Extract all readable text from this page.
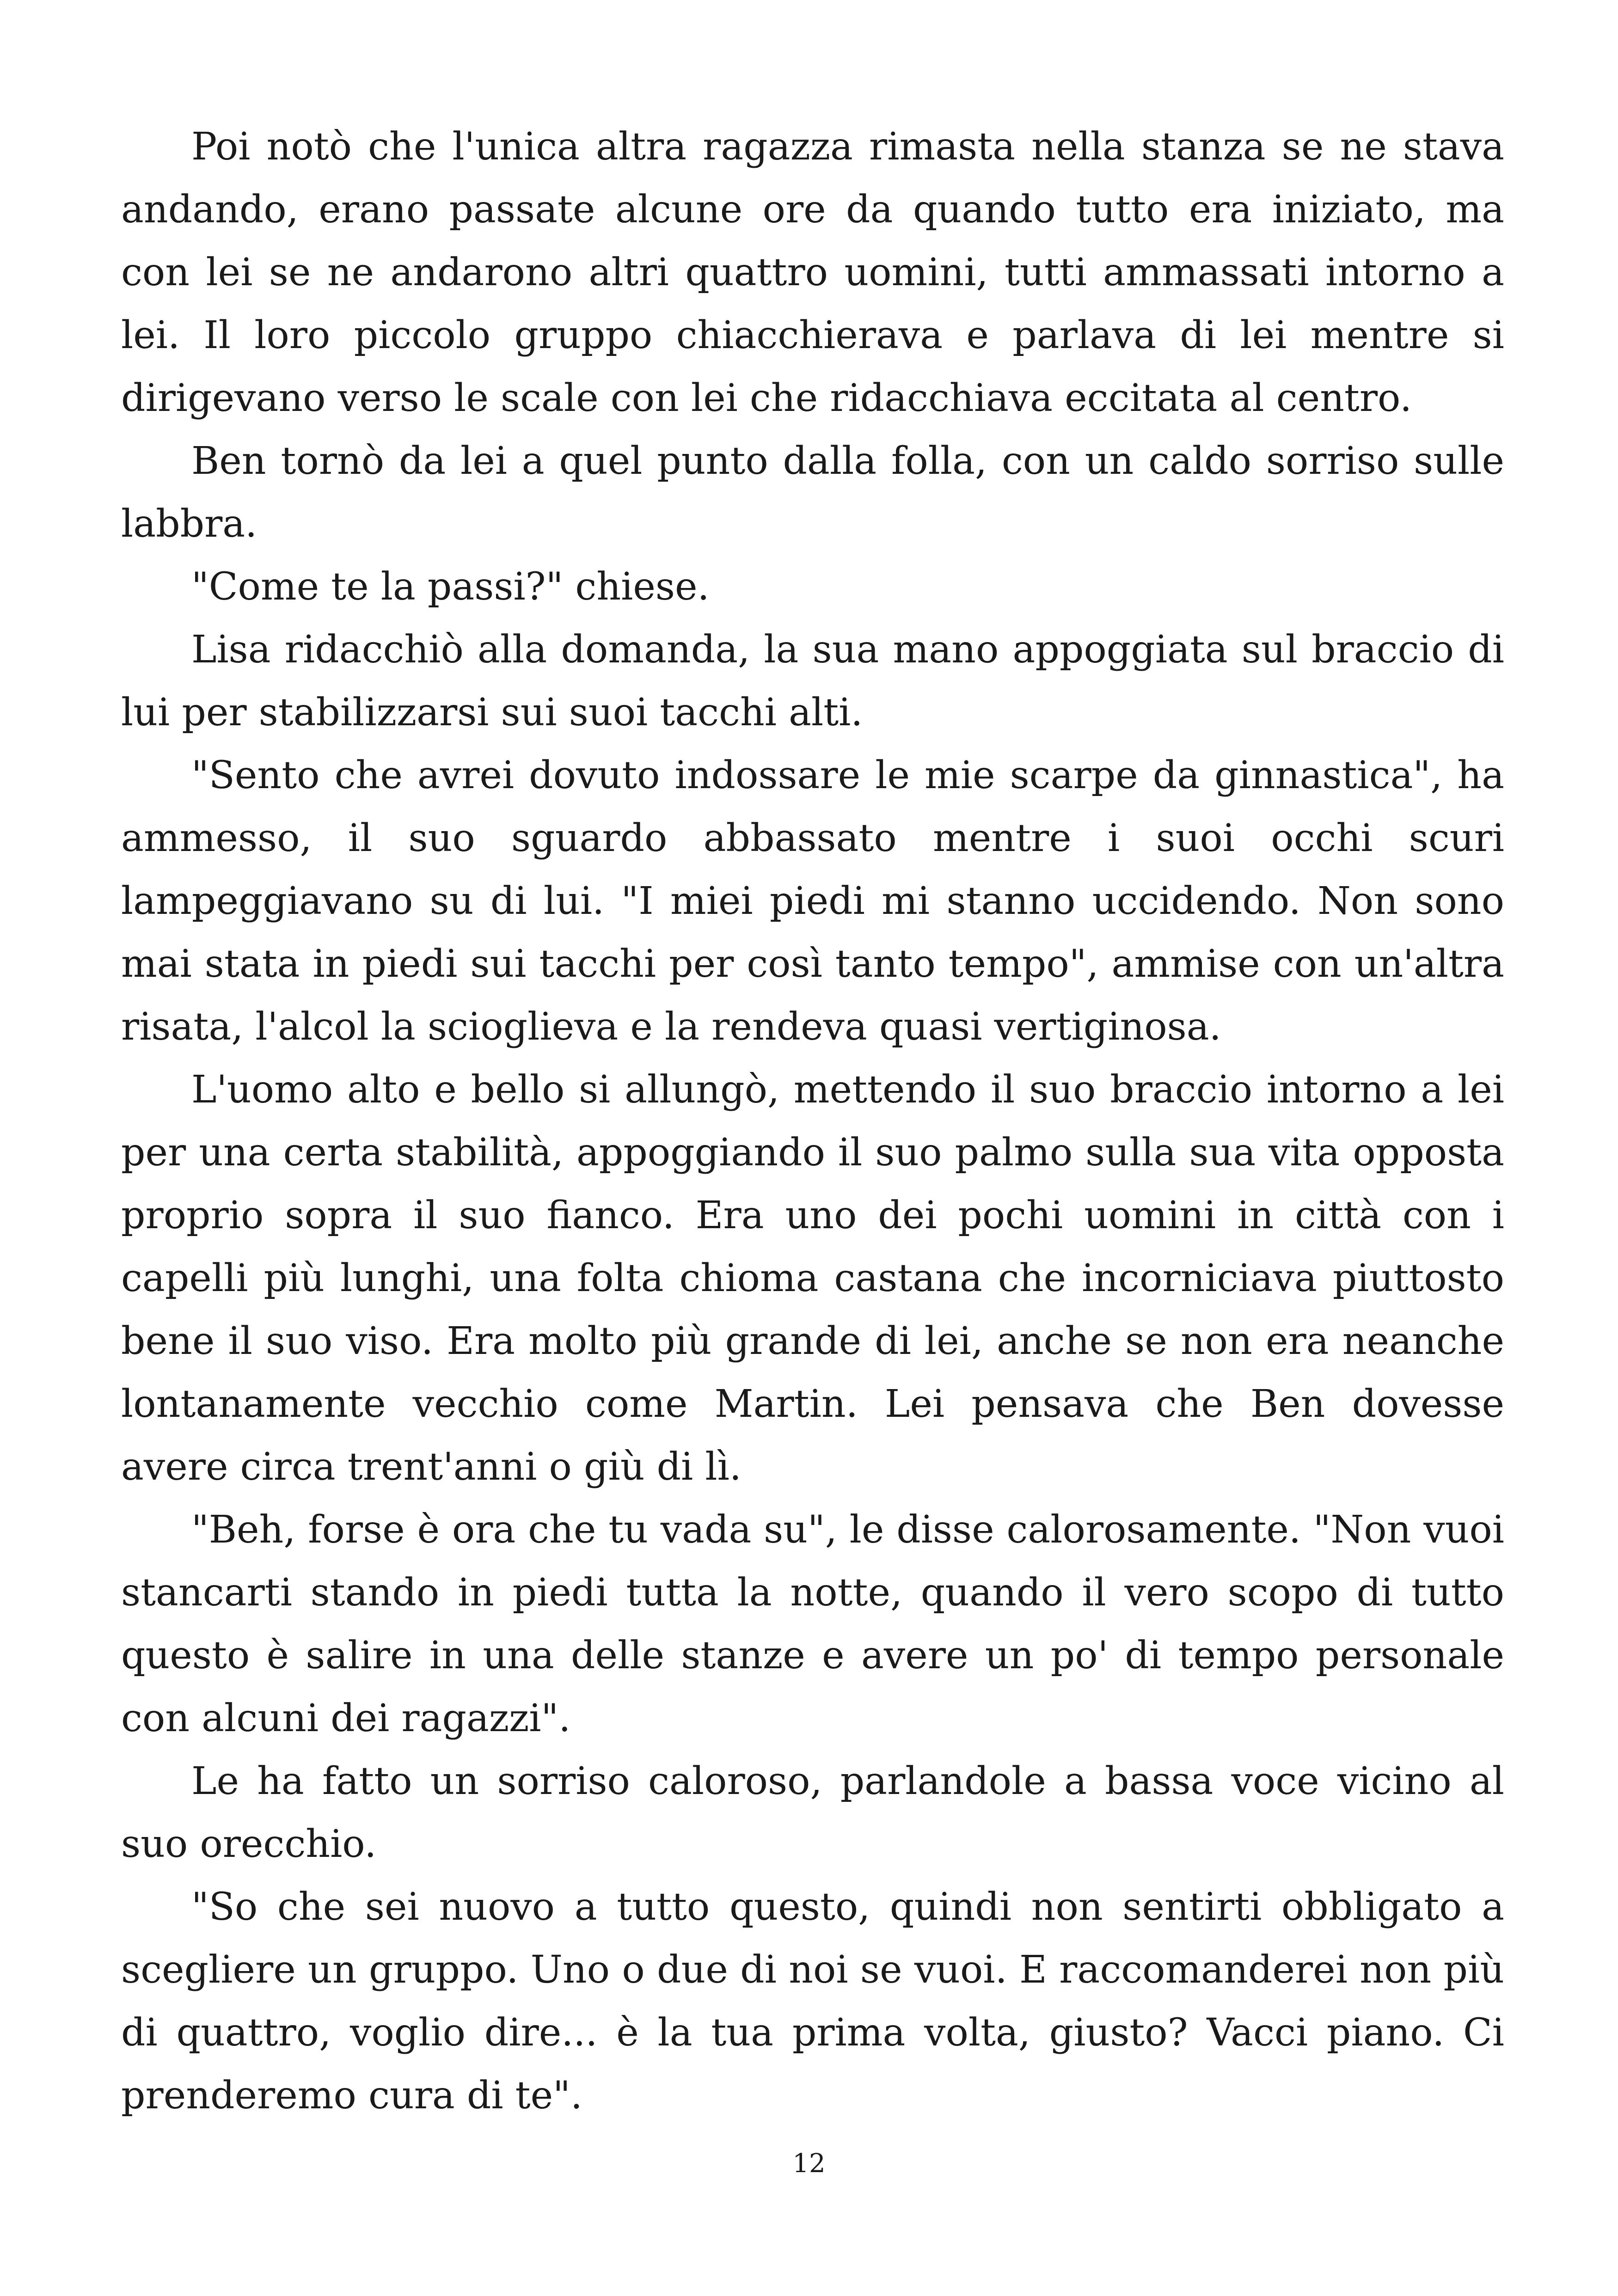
Poi notò che l'unica altra ragazza rimasta nella stanza se ne stava andando, erano passate alcune ore da quando tutto era iniziato, ma con lei se ne andarono altri quattro uomini, tutti ammassati intorno a lei. Il loro piccolo gruppo chiacchierava e parlava di lei mentre si dirigevano verso le scale con lei che ridacchiava eccitata al centro.

Ben tornò da lei a quel punto dalla folla, con un caldo sorriso sulle labbra.

"Come te la passi?" chiese.

Lisa ridacchiò alla domanda, la sua mano appoggiata sul braccio di lui per stabilizzarsi sui suoi tacchi alti.

"Sento che avrei dovuto indossare le mie scarpe da ginnastica", ha ammesso, il suo sguardo abbassato mentre i suoi occhi scuri lampeggiavano su di lui. "I miei piedi mi stanno uccidendo. Non sono mai stata in piedi sui tacchi per così tanto tempo", ammise con un'altra risata, l'alcol la scioglieva e la rendeva quasi vertiginosa.

L'uomo alto e bello si allungò, mettendo il suo braccio intorno a lei per una certa stabilità, appoggiando il suo palmo sulla sua vita opposta proprio sopra il suo fianco. Era uno dei pochi uomini in città con i capelli più lunghi, una folta chioma castana che incorniciava piuttosto bene il suo viso. Era molto più grande di lei, anche se non era neanche lontanamente vecchio come Martin. Lei pensava che Ben dovesse avere circa trent'anni o giù di lì.

"Beh, forse è ora che tu vada su", le disse calorosamente. "Non vuoi stancarti stando in piedi tutta la notte, quando il vero scopo di tutto questo è salire in una delle stanze e avere un po' di tempo personale con alcuni dei ragazzi".

Le ha fatto un sorriso caloroso, parlandole a bassa voce vicino al suo orecchio.

"So che sei nuovo a tutto questo, quindi non sentirti obbligato a scegliere un gruppo. Uno o due di noi se vuoi. E raccomanderei non più di quattro, voglio dire... è la tua prima volta, giusto? Vacci piano. Ci prenderemo cura di te".

12
